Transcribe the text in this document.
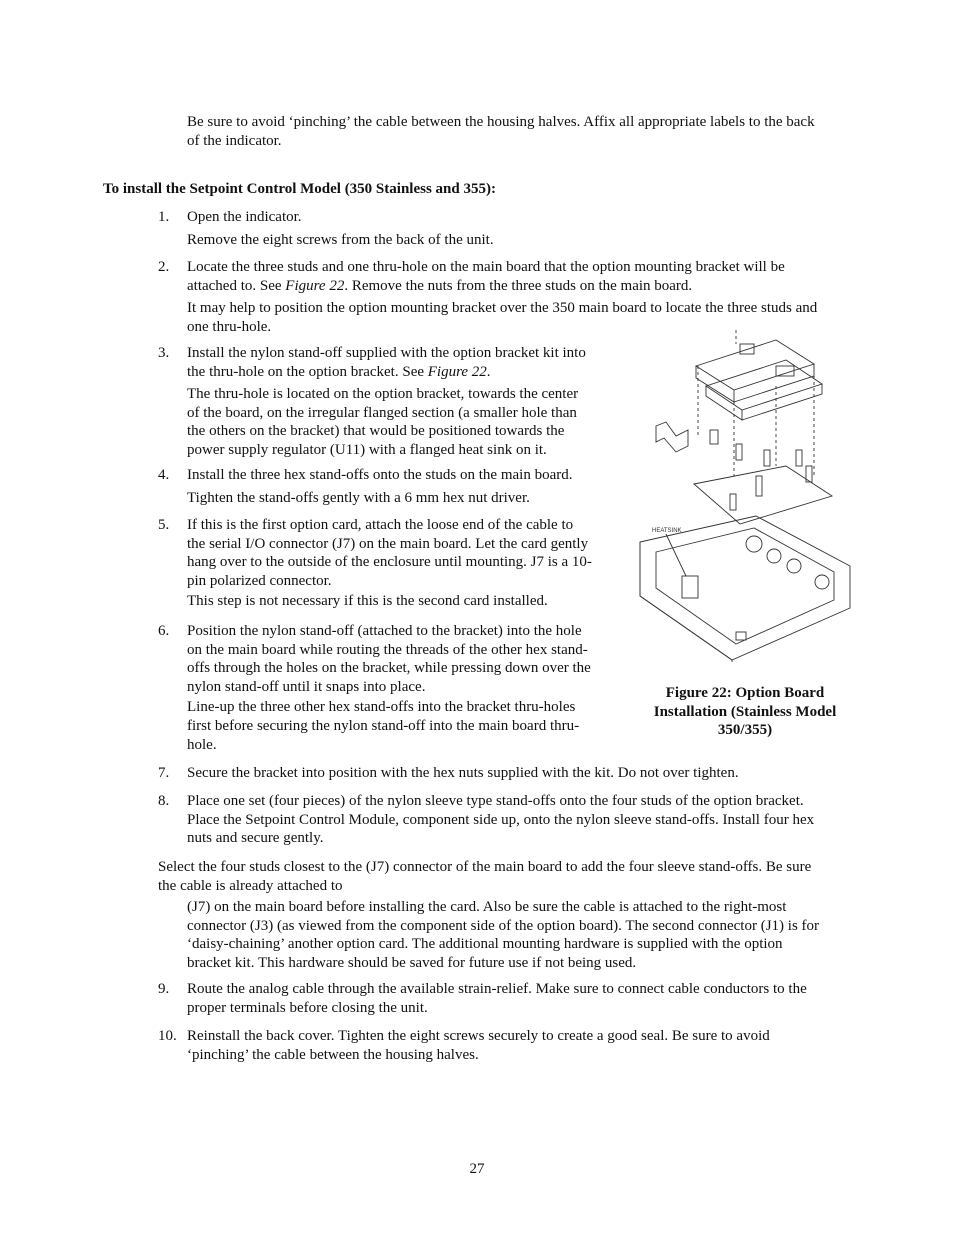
Be sure to avoid ‘pinching’ the cable between the housing halves. Affix all appropriate labels to the back
of the indicator.
To install the Setpoint Control Model (350 Stainless and 355):
1. Open the indicator.
Remove the eight screws from the back of the unit.
2. Locate the three studs and one thru-hole on the main board that the option mounting bracket will be
attached to. See Figure 22. Remove the nuts from the three studs on the main board.
It may help to position the option mounting bracket over the 350 main board to locate the three studs and
one thru-hole.
3. Install the nylon stand-off supplied with the option bracket kit into
the thru-hole on the option bracket. See Figure 22.
The thru-hole is located on the option bracket, towards the center
of the board, on the irregular flanged section (a smaller hole than
the others on the bracket) that would be positioned towards the
power supply regulator (U11) with a flanged heat sink on it.
4. Install the three hex stand-offs onto the studs on the main board.
Tighten the stand-offs gently with a 6 mm hex nut driver.
5. If this is the first option card, attach the loose end of the cable to
the serial I/O connector (J7) on the main board. Let the card gently
hang over to the outside of the enclosure until mounting. J7 is a 10-
pin polarized connector.
This step is not necessary if this is the second card installed.
6. Position the nylon stand-off (attached to the bracket) into the hole
on the main board while routing the threads of the other hex stand-
offs through the holes on the bracket, while pressing down over the
nylon stand-off until it snaps into place.
Line-up the three other hex stand-offs into the bracket thru-holes
first before securing the nylon stand-off into the main board thru-
hole.
7. Secure the bracket into position with the hex nuts supplied with the kit. Do not over tighten.
8. Place one set (four pieces) of the nylon sleeve type stand-offs onto the four studs of the option bracket.
Place the Setpoint Control Module, component side up, onto the nylon sleeve stand-offs. Install four hex
nuts and secure gently.
Select the four studs closest to the (J7) connector of the main board to add the four sleeve stand-offs. Be sure
the cable is already attached to
(J7) on the main board before installing the card. Also be sure the cable is attached to the right-most
connector (J3) (as viewed from the component side of the option board). The second connector (J1) is for
‘daisy-chaining’ another option card. The additional mounting hardware is supplied with the option
bracket kit. This hardware should be saved for future use if not being used.
9. Route the analog cable through the available strain-relief. Make sure to connect cable conductors to the
proper terminals before closing the unit.
10. Reinstall the back cover. Tighten the eight screws securely to create a good seal. Be sure to avoid
‘pinching’ the cable between the housing halves.
HEATSINK
Figure 22: Option Board
Installation (Stainless Model
350/355)
27
